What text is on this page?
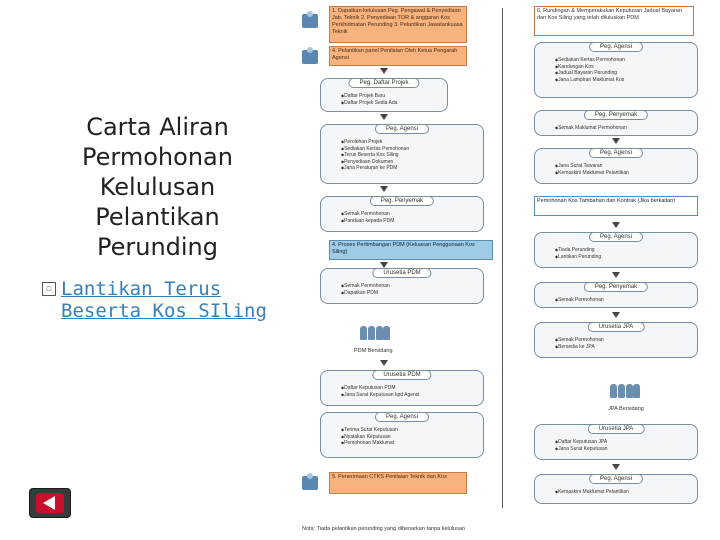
Carta Aliran
Permohonan
Kelulusan
Pelantikan
Perunding
☐ Lantikan Terus
Beserta Kos SIling
1. Dapatkan kelulusan Peg. Pengawal & Penyediaan Jab. Teknik 2. Penyediaan TOR & anggaran Kos Perkhidmatan Perunding 3. Pelantikan Jawatankuasa Teknik
4. Pelantikan panel Penilaian Oleh Ketua Pengarah Agensi
Peg. Daftar Projek
◆ Daftar Projek Baru
◆ Daftar Projek Sedia Ada
Peg. Agensi
◆ Perolehan Projek
◆ Sediakan Kertas Pemohonan
◆ Terus Beserta Kos Siling
◆ Penyediaan Dokumen
◆ Jana Peraturan ke PDM
Peg. Penyemak
◆ Semak Permohonan
◆ Panduan kepada PDM
4. Proses Pertimbangan PDM (Keluasan Penggunaan Kos Siling)
Urusetia PDM
◆ Semak Permohonan
◆ Dapatkan PDM
PDM Bersidang
Urusetia PDM
◆ Daftar Keputusan PDM
◆ Jana Surat Keputusan kpd Agensi
Peg. Agensi
◆ Terima Surat Keputusan
◆ Nyatakan Keputusan
◆ Pemohonan Maklumat
5. Penerimaan CTKS Penilaian Teknik dan Kos
Nota: Tiada pelantikan perunding yang dibenarkan tanpa kelulusan
6. Rundingan & Memperakukan Keputusan Jadual Bayaran dan Kos Siling yang telah diluluskan PDM
Peg. Agensi
◆ Sediakan Kertas Permohonan
◆ Kandungan Kos
◆ Jadual Bayaran Perunding
◆ Jana Lampiran Maklumat Kos
Peg. Penyemak
◆ Semak Maklumat Permohonan
Peg. Agensi
◆ Jana Surat Tawaran
◆ Kemaskini Maklumat Pelantikan
Pemohonan Kos Tambahan dan Kontrak (Jika berkaitan)
Peg. Agensi
◆ Tiada Perunding
◆ Lantikan Perunding
Peg. Penyemak
◆ Semak Permohonan
Urusetia JPA
◆ Semak Permohonan
◆ Bersedia ke JPA
JPA Bersidang
Urusetia JPA
◆ Daftar Keputusan JPA
◆ Jana Surat Keputusan
Peg. Agensi
◆ Kemaskini Maklumat Pelantikan
